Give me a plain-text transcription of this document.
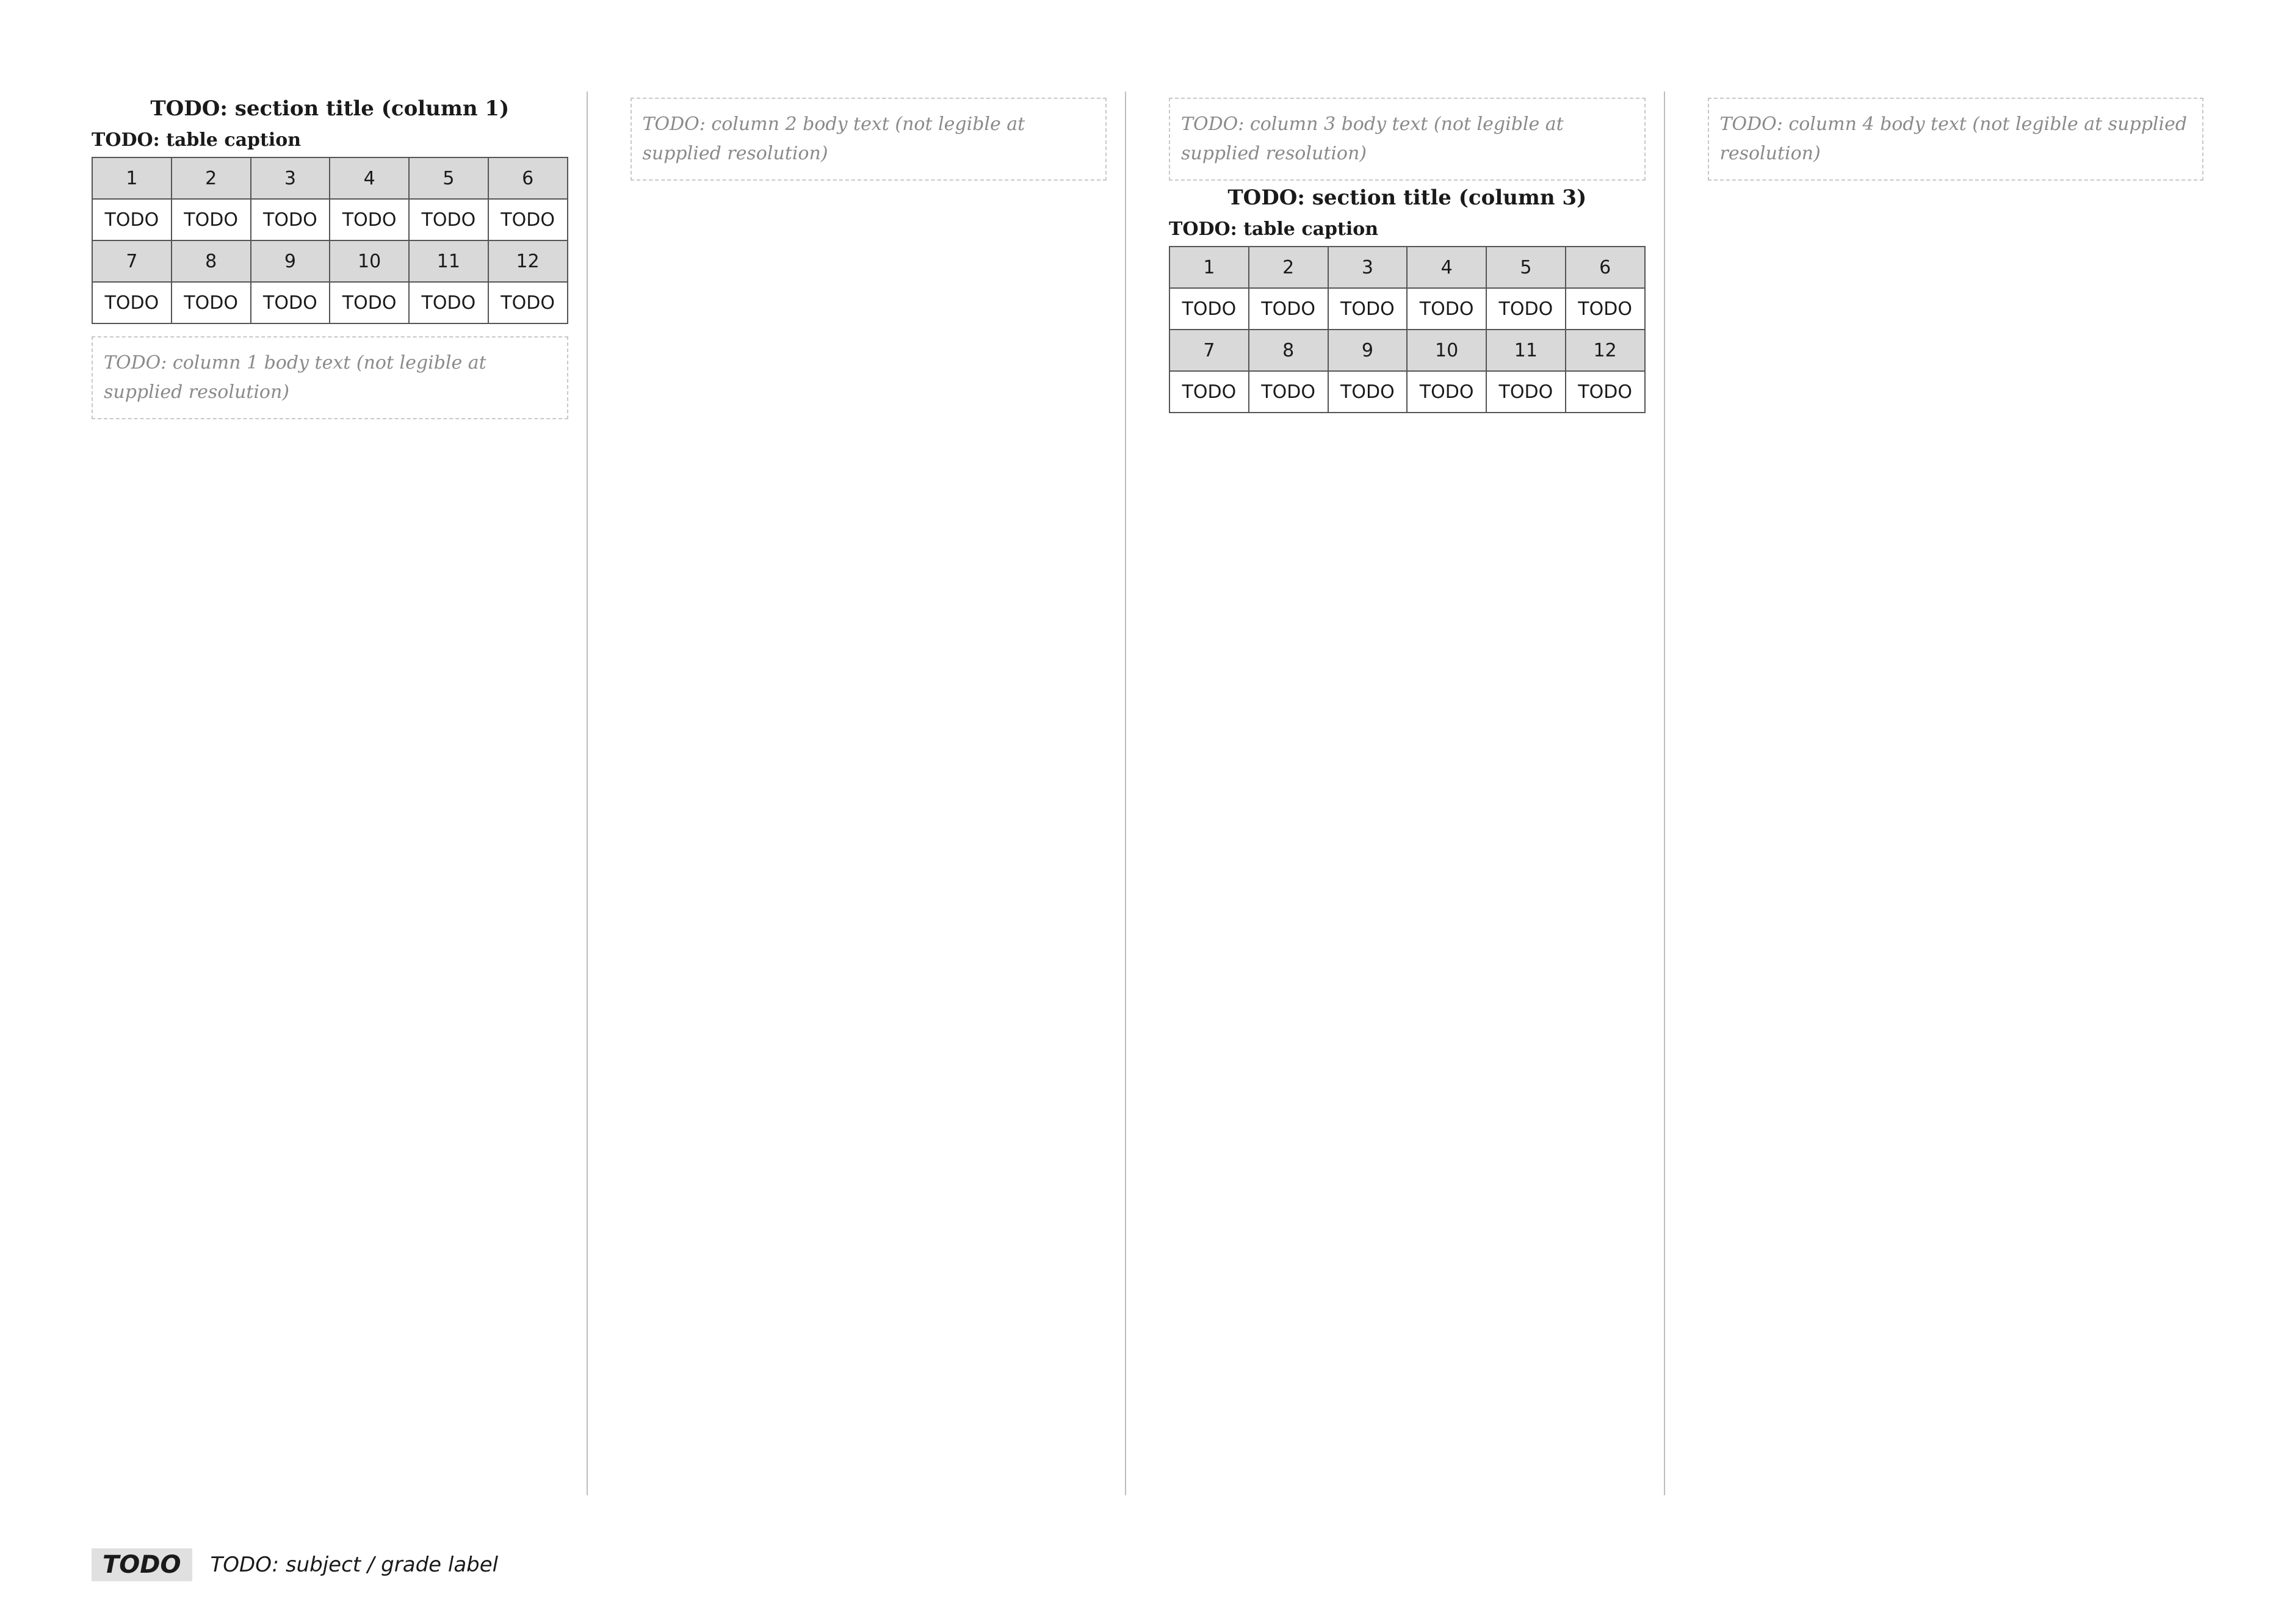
TODO: section title (column 1)
TODO: table caption
1	2	3	4	5	6
TODO	TODO	TODO	TODO	TODO	TODO
7	8	9	10	11	12
TODO	TODO	TODO	TODO	TODO	TODO
TODO: column 1 body text (not legible at supplied resolution)
TODO: column 2 body text (not legible at supplied resolution)
TODO: column 3 body text (not legible at supplied resolution)
TODO: section title (column 3)
TODO: table caption
1	2	3	4	5	6
TODO	TODO	TODO	TODO	TODO	TODO
7	8	9	10	11	12
TODO	TODO	TODO	TODO	TODO	TODO
TODO: column 4 body text (not legible at supplied resolution)
TODO	TODO: subject / grade label
